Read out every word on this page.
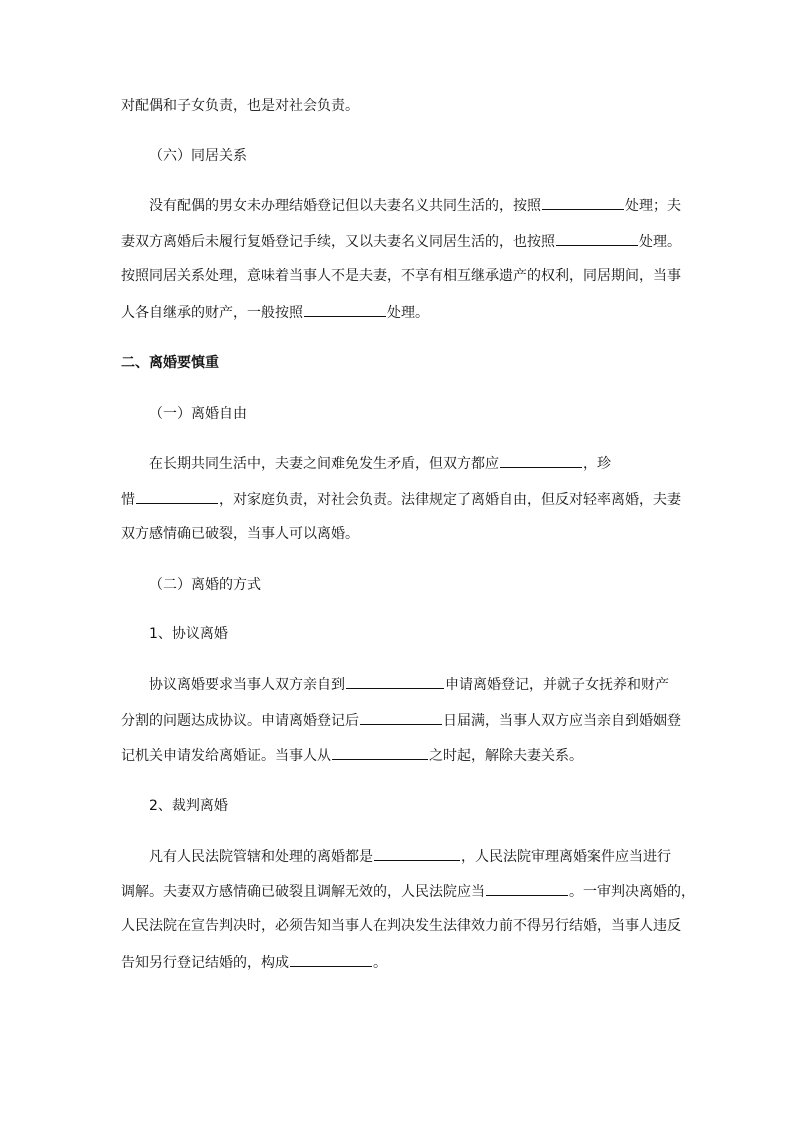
对配偶和子女负责，也是对社会负责。
（六）同居关系
没有配偶的男女未办理结婚登记但以夫妻名义共同生活的，按照	处理；夫
妻双方离婚后未履行复婚登记手续，又以夫妻名义同居生活的，也按照	处理。
按照同居关系处理，意味着当事人不是夫妻，不享有相互继承遗产的权利，同居期间，当事
人各自继承的财产，一般按照	处理。
二、离婚要慎重
（一）离婚自由
在长期共同生活中，夫妻之间难免发生矛盾，但双方都应	，珍
惜	，对家庭负责，对社会负责。法律规定了离婚自由，但反对轻率离婚，夫妻
双方感情确已破裂，当事人可以离婚。
（二）离婚的方式
1、协议离婚
协议离婚要求当事人双方亲自到	申请离婚登记，并就子女抚养和财产
分割的问题达成协议。申请离婚登记后	日届满，当事人双方应当亲自到婚姻登
记机关申请发给离婚证。当事人从	之时起，解除夫妻关系。
2、裁判离婚
凡有人民法院管辖和处理的离婚都是	，人民法院审理离婚案件应当进行
调解。夫妻双方感情确已破裂且调解无效的，人民法院应当	。一审判决离婚的，
人民法院在宣告判决时，必须告知当事人在判决发生法律效力前不得另行结婚，当事人违反
告知另行登记结婚的，构成	。
